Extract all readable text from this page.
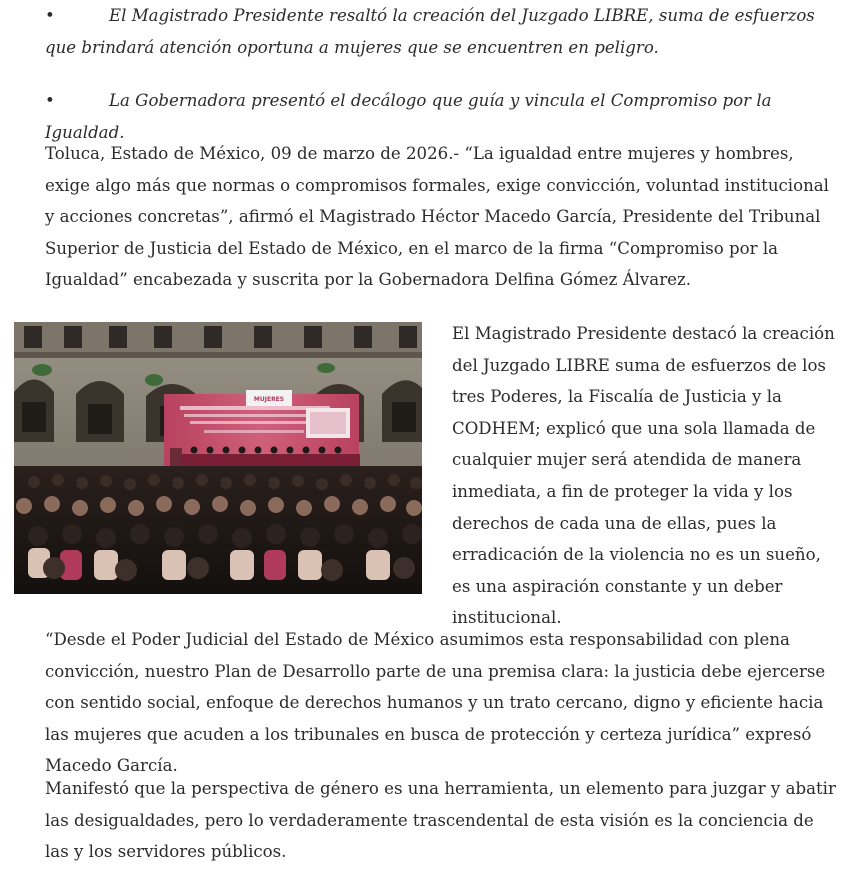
•	El Magistrado Presidente resaltó la creación del Juzgado LIBRE, suma de esfuerzos que brindará atención oportuna a mujeres que se encuentren en peligro.
•	La Gobernadora presentó el decálogo que guía y vincula el Compromiso por la Igualdad.

Toluca, Estado de México, 09 de marzo de 2026.- “La igualdad entre mujeres y hombres, exige algo más que normas o compromisos formales, exige convicción, voluntad institucional y acciones concretas”, afirmó el Magistrado Héctor Macedo García, Presidente del Tribunal Superior de Justicia del Estado de México, en el marco de la firma “Compromiso por la Igualdad” encabezada y suscrita por la Gobernadora Delfina Gómez Álvarez.

MUJERES

El Magistrado Presidente destacó la creación del Juzgado LIBRE suma de esfuerzos de los tres Poderes, la Fiscalía de Justicia y la CODHEM; explicó que una sola llamada de cualquier mujer será atendida de manera inmediata, a fin de proteger la vida y los derechos de cada una de ellas, pues la erradicación de la violencia no es un sueño, es una aspiración constante y un deber institucional.

“Desde el Poder Judicial del Estado de México asumimos esta responsabilidad con plena convicción, nuestro Plan de Desarrollo parte de una premisa clara: la justicia debe ejercerse con sentido social, enfoque de derechos humanos y un trato cercano, digno y eficiente hacia las mujeres que acuden a los tribunales en busca de protección y certeza jurídica” expresó Macedo García.

Manifestó que la perspectiva de género es una herramienta, un elemento para juzgar y abatir las desigualdades, pero lo verdaderamente trascendental de esta visión es la conciencia de las y los servidores públicos.
